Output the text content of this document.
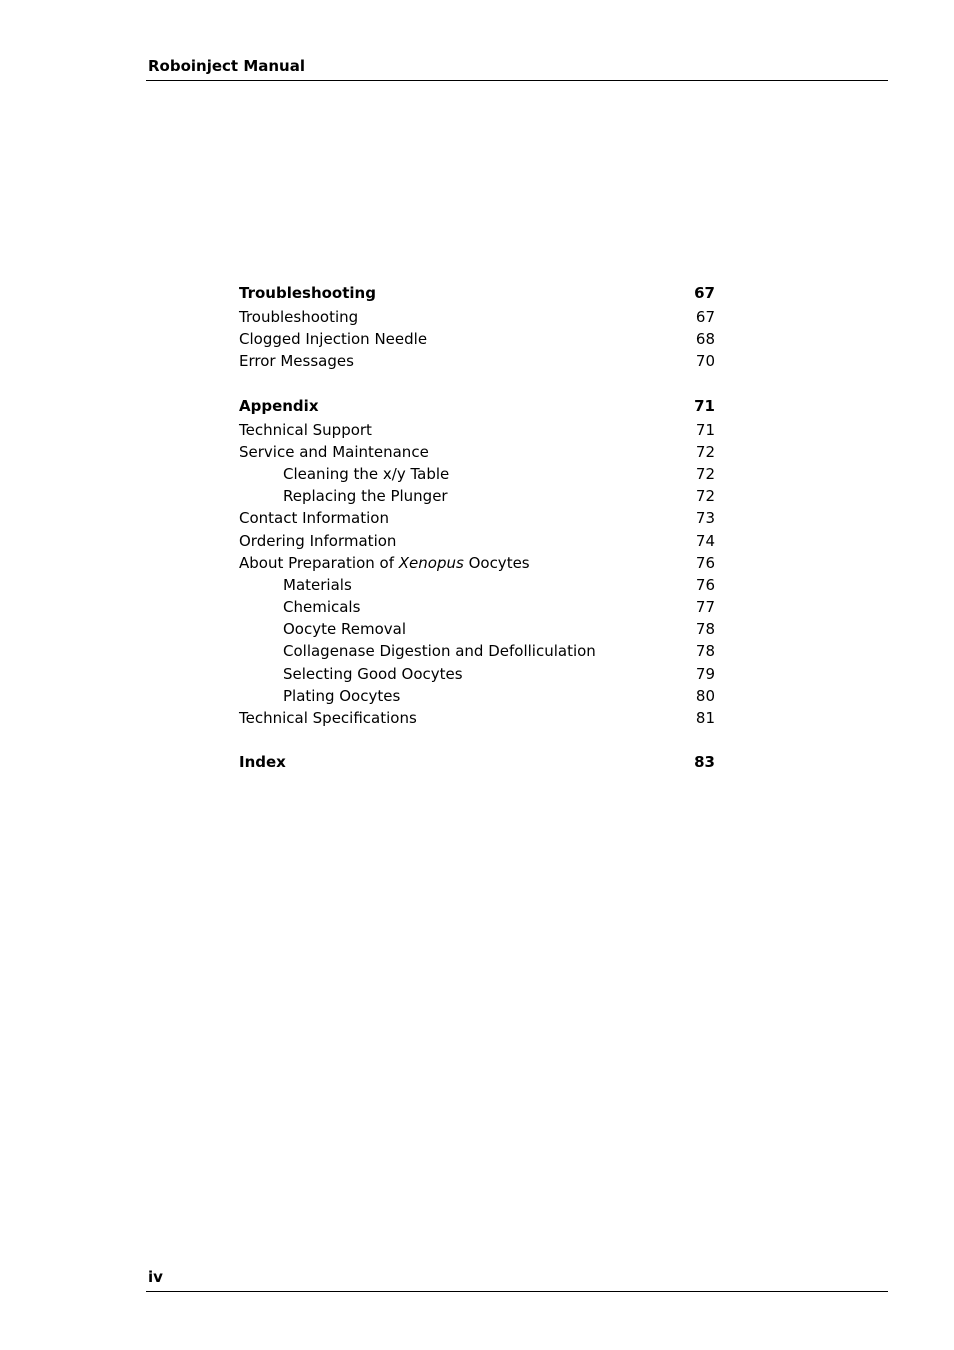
Roboinject Manual
Troubleshooting	67
Troubleshooting	67
Clogged Injection Needle	68
Error Messages	70
Appendix	71
Technical Support	71
Service and Maintenance	72
Cleaning the x/y Table	72
Replacing the Plunger	72
Contact Information	73
Ordering Information	74
About Preparation of Xenopus Oocytes	76
Materials	76
Chemicals	77
Oocyte Removal	78
Collagenase Digestion and Defolliculation	78
Selecting Good Oocytes	79
Plating Oocytes	80
Technical Specifications	81
Index	83
iv
